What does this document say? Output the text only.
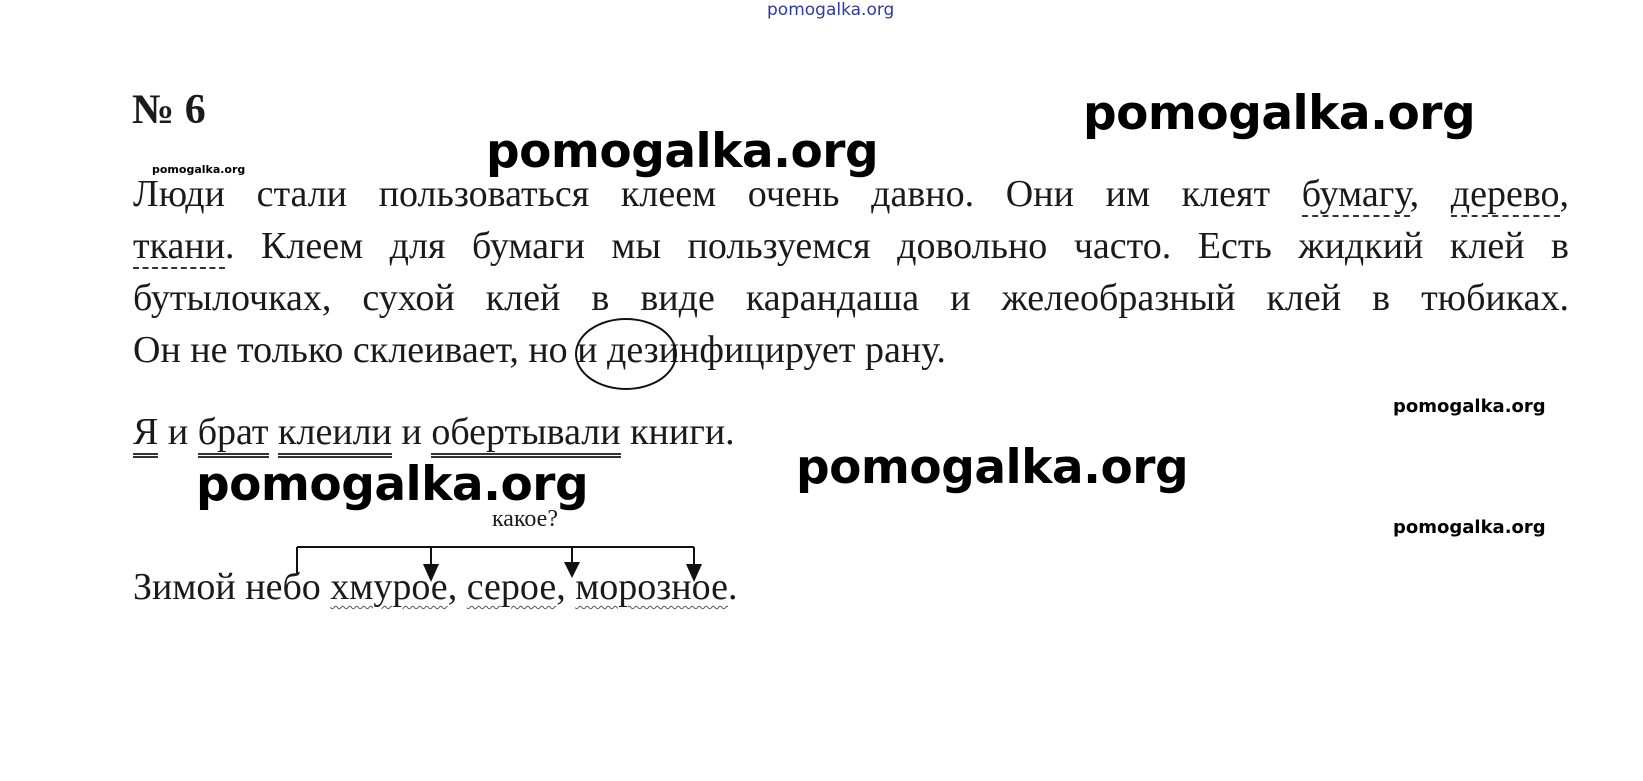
pomogalka.org
№ 6	pomogalka.org
pomogalka.org
pomogalka.org
Люди стали пользоваться клеем очень давно. Они им клеят бумагу, дерево,
ткани. Клеем для бумаги мы пользуемся довольно часто. Есть жидкий клей в
бутылочках, сухой клей в виде карандаша и желеобразный клей в тюбиках.
Он не только склеивает, но и дезинфицирует рану.
pomogalka.org
pomogalka.org
Я и брат клеили и обертывали книги.
pomogalka.org
pomogalka.org
какое?
Зимой небо хмурое, серое, морозное.
